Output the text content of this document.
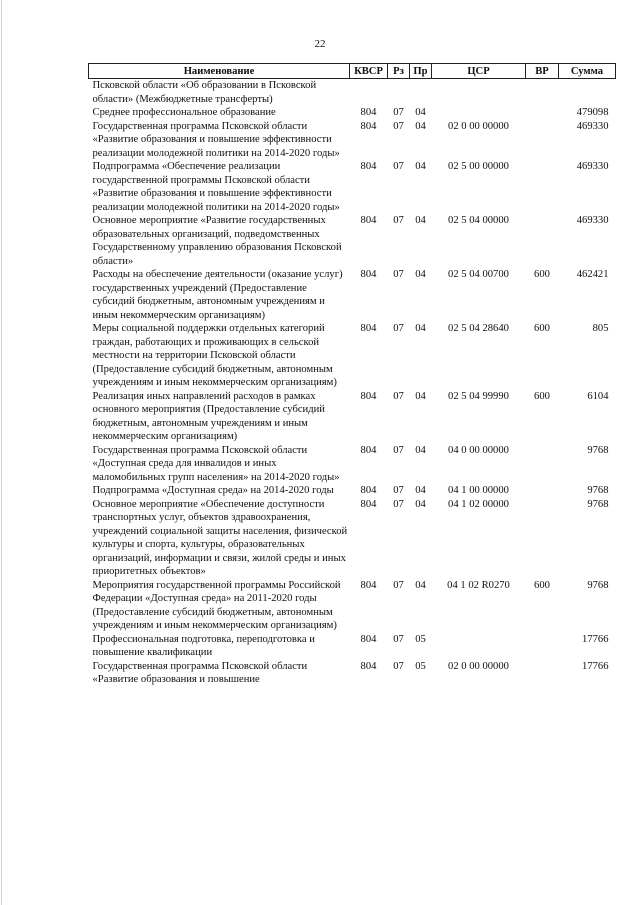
22
Наименование	КВСР	Рз	Пр	ЦСР	ВР	Сумма
Псковской области «Об образовании в Псковской области» (Межбюджетные трансферты)						
Среднее профессиональное образование	804	07	04			479098
Государственная программа Псковской области «Развитие образования и повышение эффективности реализации молодежной политики на 2014-2020 годы»	804	07	04	02 0 00 00000		469330
Подпрограмма «Обеспечение реализации государственной программы Псковской области «Развитие образования и повышение эффективности реализации молодежной политики на 2014-2020 годы»	804	07	04	02 5 00 00000		469330
Основное мероприятие «Развитие государственных образовательных организаций, подведомственных Государственному управлению образования Псковской области»	804	07	04	02 5 04 00000		469330
Расходы на обеспечение деятельности (оказание услуг) государственных учреждений (Предоставление субсидий бюджетным, автономным учреждениям и иным некоммерческим организациям)	804	07	04	02 5 04 00700	600	462421
Меры социальной поддержки отдельных категорий граждан, работающих и проживающих в сельской местности на территории Псковской области (Предоставление субсидий бюджетным, автономным учреждениям и иным некоммерческим организациям)	804	07	04	02 5 04 28640	600	805
Реализация иных направлений расходов в рамках основного мероприятия (Предоставление субсидий бюджетным, автономным учреждениям и иным некоммерческим организациям)	804	07	04	02 5 04 99990	600	6104
Государственная программа Псковской области «Доступная среда для инвалидов и иных маломобильных групп населения» на 2014-2020 годы»	804	07	04	04 0 00 00000		9768
Подпрограмма «Доступная среда» на 2014-2020 годы	804	07	04	04 1 00 00000		9768
Основное мероприятие «Обеспечение доступности транспортных услуг, объектов здравоохранения, учреждений социальной защиты населения, физической культуры и спорта, культуры, образовательных организаций, информации и связи, жилой среды и иных приоритетных объектов»	804	07	04	04 1 02 00000		9768
Мероприятия государственной программы Российской Федерации «Доступная среда» на 2011-2020 годы (Предоставление субсидий бюджетным, автономным учреждениям и иным некоммерческим организациям)	804	07	04	04 1 02 R0270	600	9768
Профессиональная подготовка, переподготовка и повышение квалификации	804	07	05			17766
Государственная программа Псковской области «Развитие образования и повышение	804	07	05	02 0 00 00000		17766
